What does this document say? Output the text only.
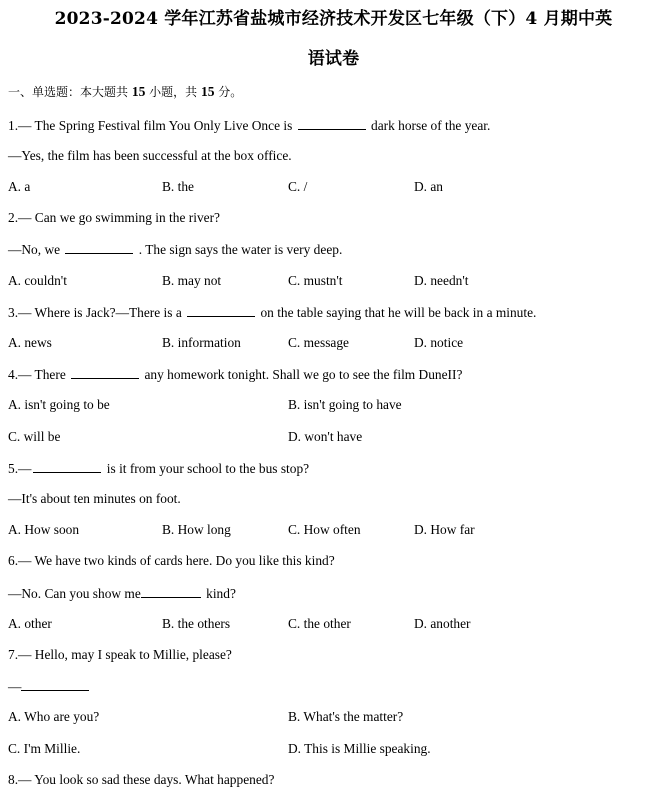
2023-2024 学年江苏省盐城市经济技术开发区七年级（下）4 月期中英
语试卷
一、单选题：本大题共 15 小题，共 15 分。
1.— The Spring Festival film You Only Live Once is	dark horse of the year.
—Yes, the film has been successful at the box office.
A. a	B. the	C. /	D. an
2.— Can we go swimming in the river?
—No, we	. The sign says the water is very deep.
A. couldn't	B. may not	C. mustn't	D. needn't
3.— Where is Jack?—There is a	on the table saying that he will be back in a minute.
A. news	B. information	C. message	D. notice
4.— There	any homework tonight. Shall we go to see the film DuneII?
A. isn't going to be	B. isn't going to have
C. will be	D. won't have
5.—	is it from your school to the bus stop?
—It's about ten minutes on foot.
A. How soon	B. How long	C. How often	D. How far
6.— We have two kinds of cards here. Do you like this kind?
—No. Can you show me	kind?
A. other	B. the others	C. the other	D. another
7.— Hello, may I speak to Millie, please?
—
A. Who are you?	B. What's the matter?
C. I'm Millie.	D. This is Millie speaking.
8.— You look so sad these days. What happened?
